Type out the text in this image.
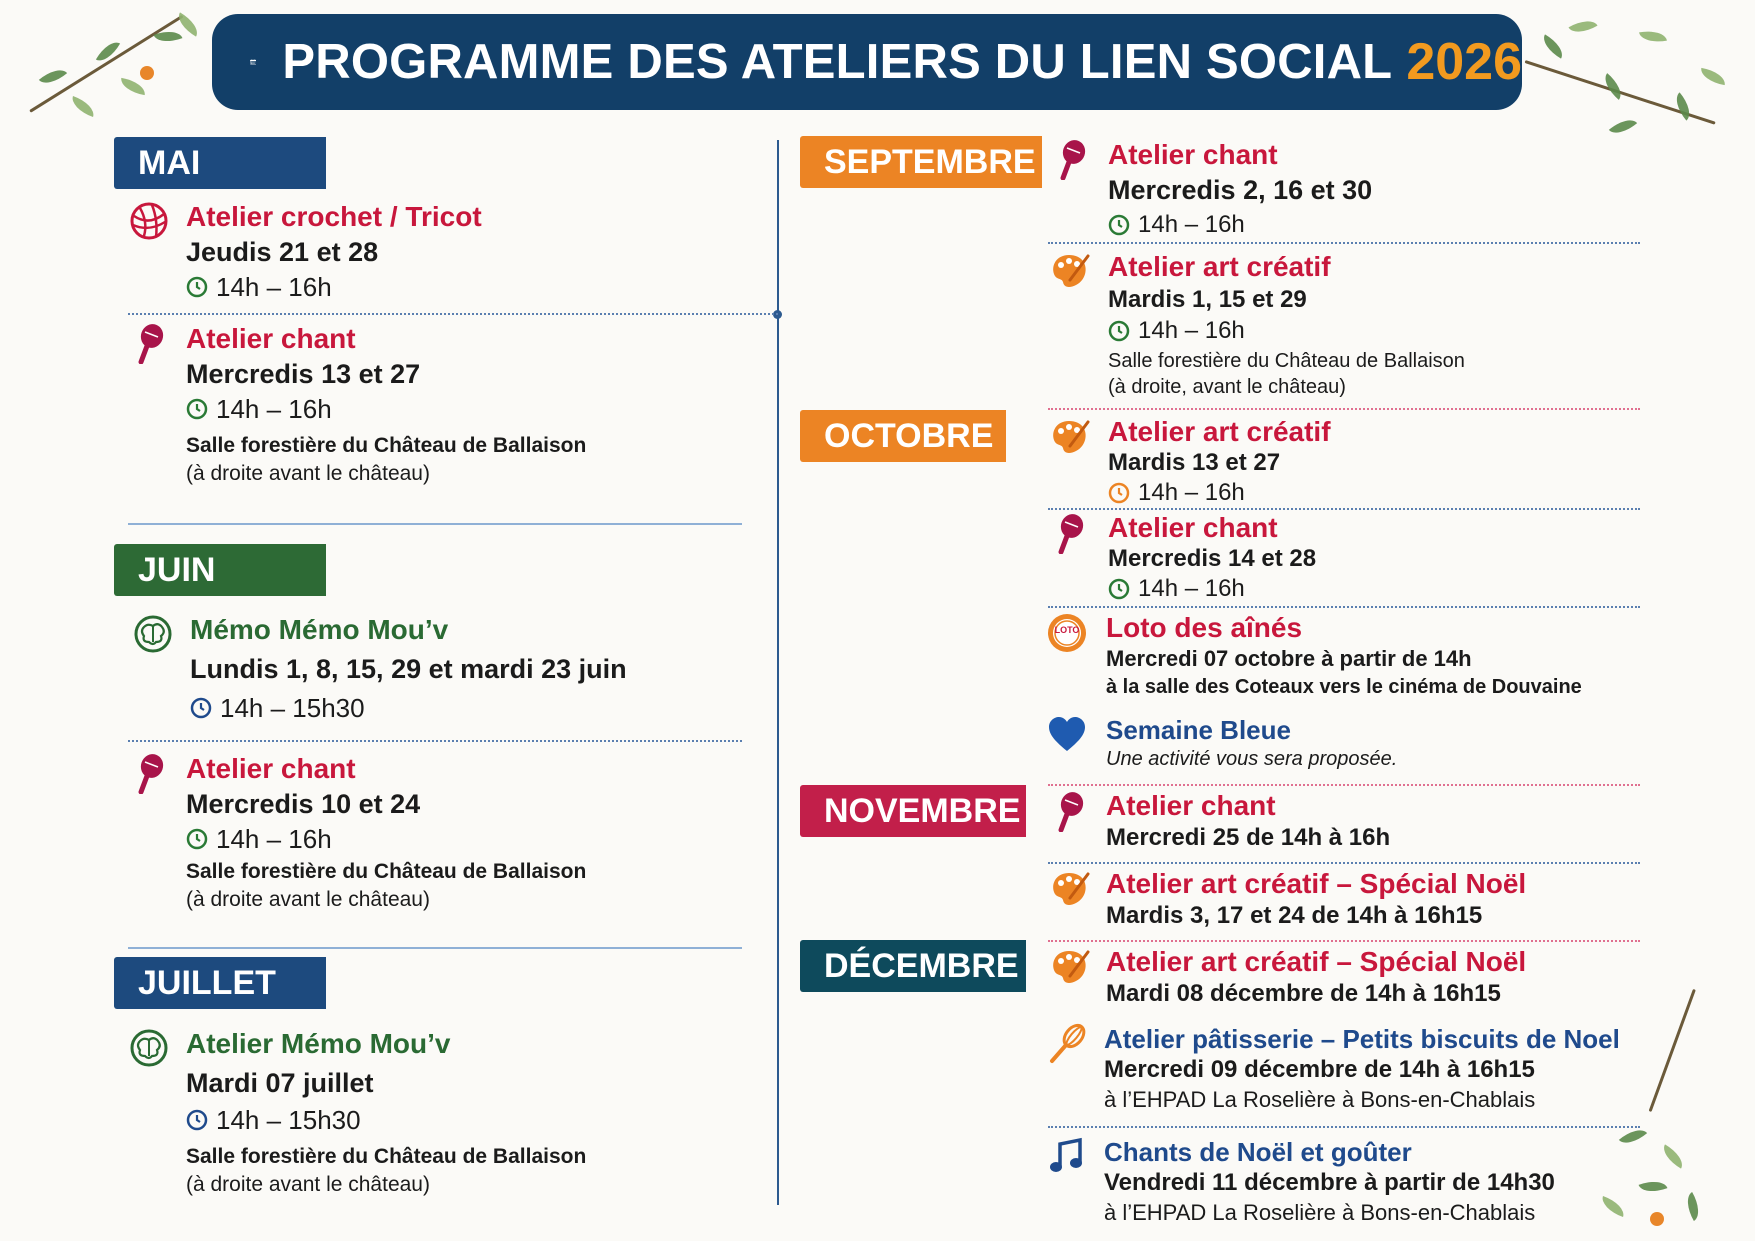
PROGRAMME DES ATELIERS DU LIEN SOCIAL 2026
MAI
Atelier crochet / Tricot
Jeudis 21 et 28
14h – 16h
Atelier chant
Mercredis 13 et 27
14h – 16h
Salle forestière du Château de Ballaison
(à droite avant le château)
JUIN
Mémo Mémo Mou’v
Lundis 1, 8, 15, 29 et mardi 23 juin
14h – 15h30
Atelier chant
Mercredis 10 et 24
14h – 16h
Salle forestière du Château de Ballaison
(à droite avant le château)
JUILLET
Atelier Mémo Mou’v
Mardi 07 juillet
14h – 15h30
Salle forestière du Château de Ballaison
(à droite avant le château)
SEPTEMBRE	Atelier chant
Mercredis 2, 16 et 30
14h – 16h
Atelier art créatif
Mardis 1, 15 et 29
14h – 16h
Salle forestière du Château de Ballaison
(à droite, avant le château)
OCTOBRE	Atelier art créatif
Mardis 13 et 27
14h – 16h
Atelier chant
Mercredis 14 et 28
14h – 16h
LOTO Loto des aînés
Mercredi 07 octobre à partir de 14h
à la salle des Coteaux vers le cinéma de Douvaine
Semaine Bleue
Une activité vous sera proposée.
NOVEMBRE	Atelier chant
Mercredi 25 de 14h à 16h
Atelier art créatif – Spécial Noël
Mardis 3, 17 et 24 de 14h à 16h15
DÉCEMBRE	Atelier art créatif – Spécial Noël
Mardi 08 décembre de 14h à 16h15
Atelier pâtisserie – Petits biscuits de Noel
Mercredi 09 décembre de 14h à 16h15
à l’EHPAD La Roselière à Bons-en-Chablais
Chants de Noël et goûter
Vendredi 11 décembre à partir de 14h30
à l’EHPAD La Roselière à Bons-en-Chablais
